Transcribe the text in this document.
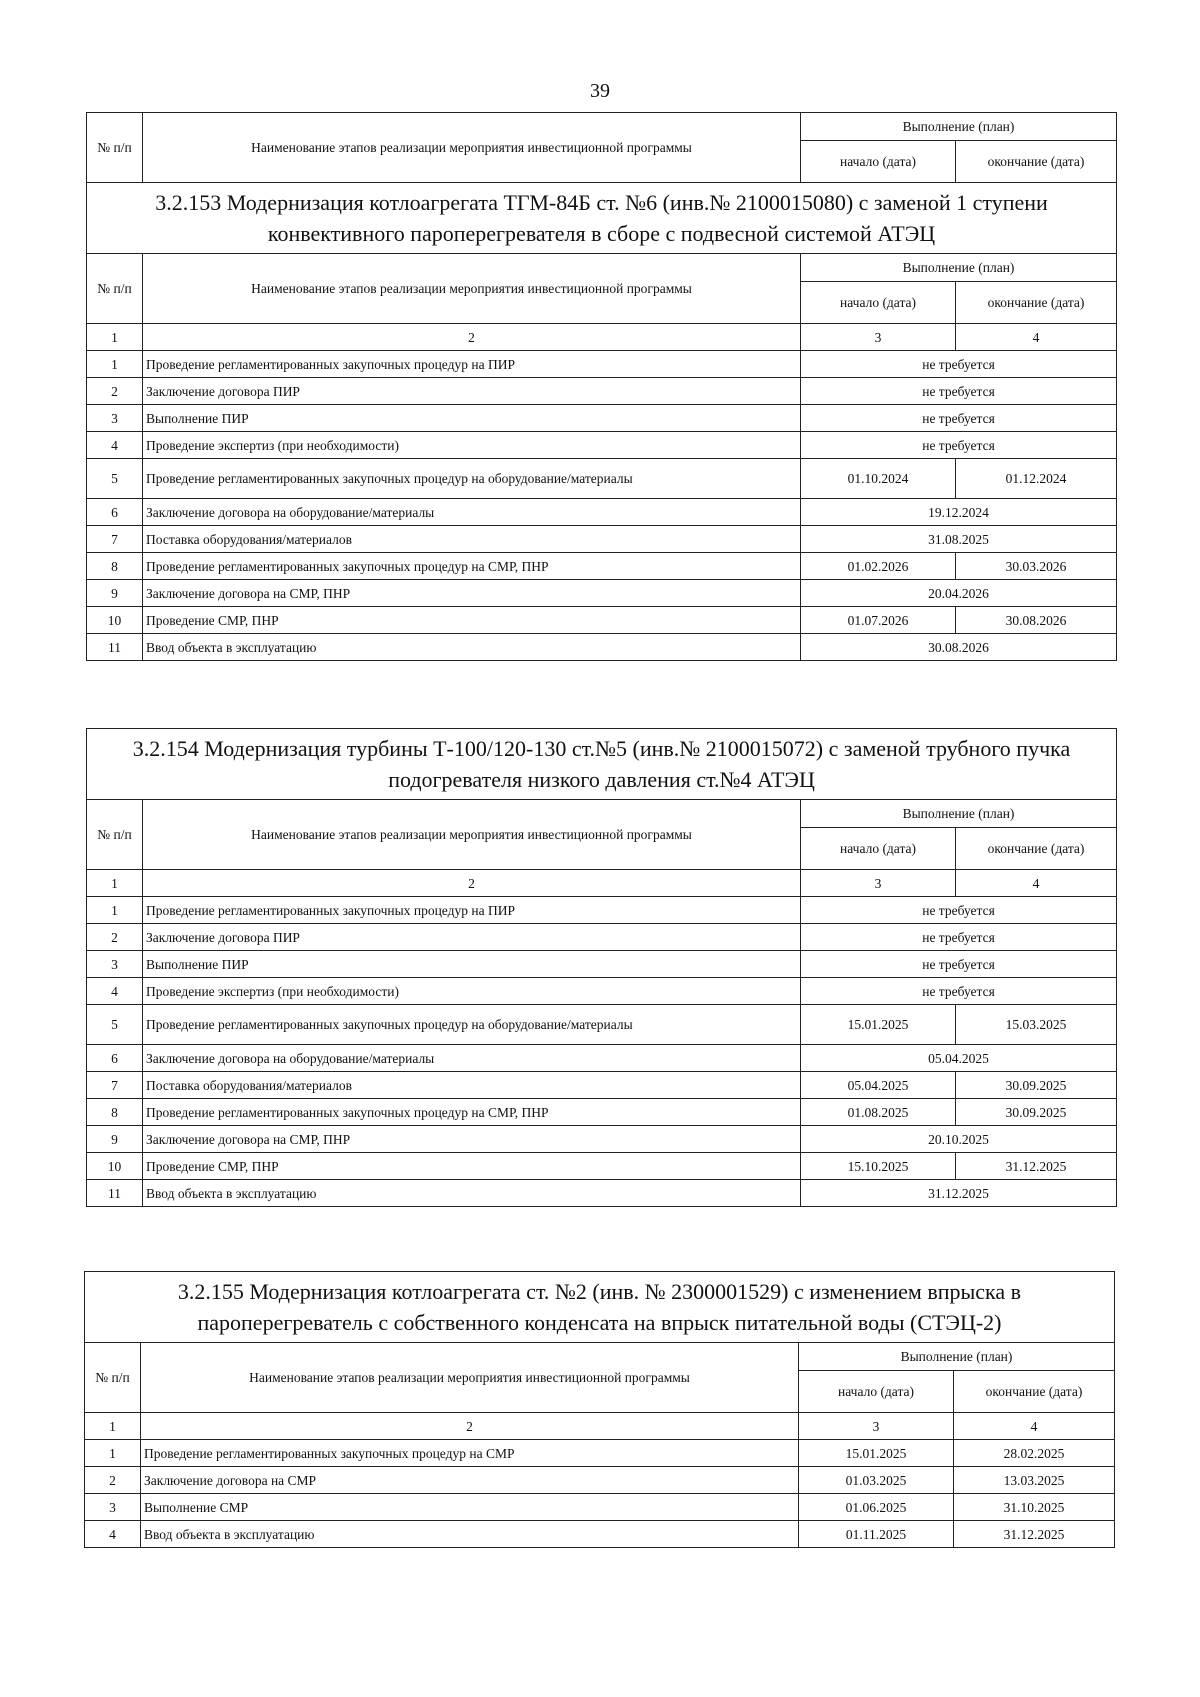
39
№ п/п	Наименование этапов реализации мероприятия инвестиционной программы	Выполнение (план)	
		начало (дата)	окончание (дата)
3.2.153 Модернизация котлоагрегата ТГМ-84Б ст. №6 (инв.№ 2100015080) с заменой 1 ступени конвективного пароперегревателя в сборе с подвесной системой АТЭЦ			
№ п/п	Наименование этапов реализации мероприятия инвестиционной программы	Выполнение (план)	
		начало (дата)	окончание (дата)
1	2	3	4
1	Проведение регламентированных закупочных процедур на ПИР	не требуется	
2	Заключение договора ПИР	не требуется	
3	Выполнение ПИР	не требуется	
4	Проведение экспертиз (при необходимости)	не требуется	
5	Проведение регламентированных закупочных процедур на оборудование/материалы	01.10.2024	01.12.2024
6	Заключение договора на оборудование/материалы	19.12.2024	
7	Поставка оборудования/материалов	31.08.2025	
8	Проведение регламентированных закупочных процедур на СМР, ПНР	01.02.2026	30.03.2026
9	Заключение договора на СМР, ПНР	20.04.2026	
10	Проведение СМР, ПНР	01.07.2026	30.08.2026
11	Ввод объекта в эксплуатацию	30.08.2026	
3.2.154 Модернизация турбины Т-100/120-130 ст.№5 (инв.№ 2100015072) с заменой трубного пучка подогревателя низкого давления ст.№4 АТЭЦ			
№ п/п	Наименование этапов реализации мероприятия инвестиционной программы	Выполнение (план)	
		начало (дата)	окончание (дата)
1	2	3	4
1	Проведение регламентированных закупочных процедур на ПИР	не требуется	
2	Заключение договора ПИР	не требуется	
3	Выполнение ПИР	не требуется	
4	Проведение экспертиз (при необходимости)	не требуется	
5	Проведение регламентированных закупочных процедур на оборудование/материалы	15.01.2025	15.03.2025
6	Заключение договора на оборудование/материалы	05.04.2025	
7	Поставка оборудования/материалов	05.04.2025	30.09.2025
8	Проведение регламентированных закупочных процедур на СМР, ПНР	01.08.2025	30.09.2025
9	Заключение договора на СМР, ПНР	20.10.2025	
10	Проведение СМР, ПНР	15.10.2025	31.12.2025
11	Ввод объекта в эксплуатацию	31.12.2025	
3.2.155 Модернизация котлоагрегата ст. №2 (инв. № 2300001529) с изменением впрыска в пароперегреватель с собственного конденсата на впрыск питательной воды (СТЭЦ-2)			
№ п/п	Наименование этапов реализации мероприятия инвестиционной программы	Выполнение (план)	
		начало (дата)	окончание (дата)
1	2	3	4
1	Проведение регламентированных закупочных процедур на СМР	15.01.2025	28.02.2025
2	Заключение договора на СМР	01.03.2025	13.03.2025
3	Выполнение СМР	01.06.2025	31.10.2025
4	Ввод объекта в эксплуатацию	01.11.2025	31.12.2025
